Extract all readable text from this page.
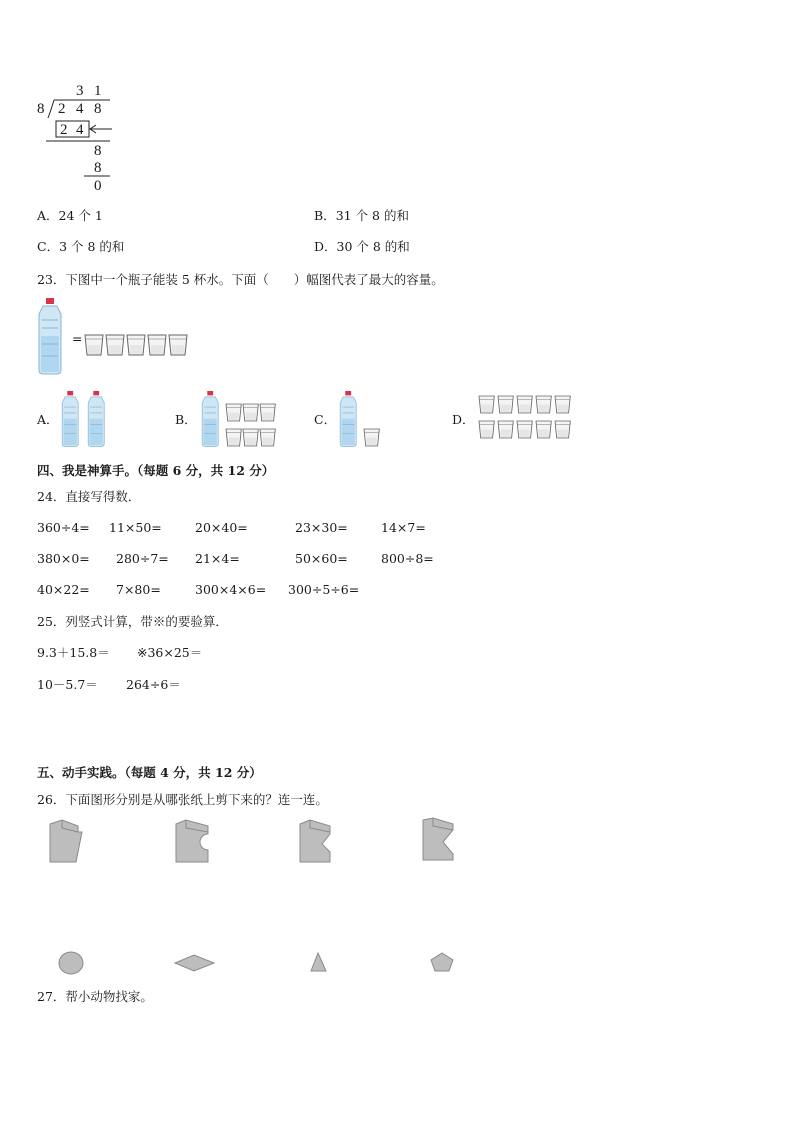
3 1
8 2 4 8
2 4
8
8
0
A．24 个 1	B．31 个 8 的和
C．3 个 8 的和	D．30 个 8 的和
23．下图中一个瓶子能装 5 杯水。下面（　　）幅图代表了最大的容量。
=
A．	B．	C．	D．
四、我是神算手。（每题 6 分，共 12 分）
24．直接写得数．
360÷4= 11×50=	20×40=	23×30=	14×7=
380×0= 280÷7= 21×4=	50×60=	800÷8=
40×22= 7×80=	300×4×6= 300÷5÷6=
25．列竖式计算，带※的要验算．
9.3＋15.8＝ ※36×25＝
10－5.7＝ 264÷6＝
五、动手实践。（每题 4 分，共 12 分）
26．下面图形分别是从哪张纸上剪下来的？连一连。
27．帮小动物找家。
